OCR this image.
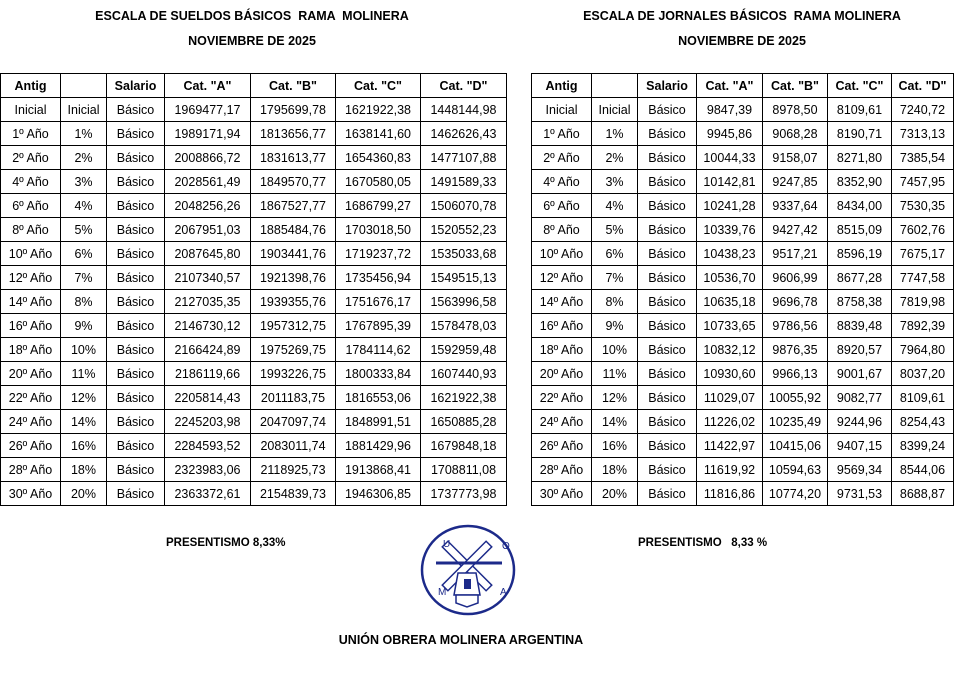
ESCALA DE SUELDOS BÁSICOS  RAMA  MOLINERA
NOVIEMBRE DE 2025
ESCALA DE JORNALES BÁSICOS  RAMA MOLINERA
NOVIEMBRE DE 2025
Antig		Salario	Cat. "A"	Cat. "B"	Cat. "C"	Cat. "D"
Inicial	Inicial	Básico	1969477,17	1795699,78	1621922,38	1448144,98
1º Año	1%	Básico	1989171,94	1813656,77	1638141,60	1462626,43
2º Año	2%	Básico	2008866,72	1831613,77	1654360,83	1477107,88
4º Año	3%	Básico	2028561,49	1849570,77	1670580,05	1491589,33
6º Año	4%	Básico	2048256,26	1867527,77	1686799,27	1506070,78
8º Año	5%	Básico	2067951,03	1885484,76	1703018,50	1520552,23
10º Año	6%	Básico	2087645,80	1903441,76	1719237,72	1535033,68
12º Año	7%	Básico	2107340,57	1921398,76	1735456,94	1549515,13
14º Año	8%	Básico	2127035,35	1939355,76	1751676,17	1563996,58
16º Año	9%	Básico	2146730,12	1957312,75	1767895,39	1578478,03
18º Año	10%	Básico	2166424,89	1975269,75	1784114,62	1592959,48
20º Año	11%	Básico	2186119,66	1993226,75	1800333,84	1607440,93
22º Año	12%	Básico	2205814,43	2011183,75	1816553,06	1621922,38
24º Año	14%	Básico	2245203,98	2047097,74	1848991,51	1650885,28
26º Año	16%	Básico	2284593,52	2083011,74	1881429,96	1679848,18
28º Año	18%	Básico	2323983,06	2118925,73	1913868,41	1708811,08
30º Año	20%	Básico	2363372,61	2154839,73	1946306,85	1737773,98
Antig		Salario	Cat. "A"	Cat. "B"	Cat. "C"	Cat. "D"
Inicial	Inicial	Básico	9847,39	8978,50	8109,61	7240,72
1º Año	1%	Básico	9945,86	9068,28	8190,71	7313,13
2º Año	2%	Básico	10044,33	9158,07	8271,80	7385,54
4º Año	3%	Básico	10142,81	9247,85	8352,90	7457,95
6º Año	4%	Básico	10241,28	9337,64	8434,00	7530,35
8º Año	5%	Básico	10339,76	9427,42	8515,09	7602,76
10º Año	6%	Básico	10438,23	9517,21	8596,19	7675,17
12º Año	7%	Básico	10536,70	9606,99	8677,28	7747,58
14º Año	8%	Básico	10635,18	9696,78	8758,38	7819,98
16º Año	9%	Básico	10733,65	9786,56	8839,48	7892,39
18º Año	10%	Básico	10832,12	9876,35	8920,57	7964,80
20º Año	11%	Básico	10930,60	9966,13	9001,67	8037,20
22º Año	12%	Básico	11029,07	10055,92	9082,77	8109,61
24º Año	14%	Básico	11226,02	10235,49	9244,96	8254,43
26º Año	16%	Básico	11422,97	10415,06	9407,15	8399,24
28º Año	18%	Básico	11619,92	10594,63	9569,34	8544,06
30º Año	20%	Básico	11816,86	10774,20	9731,53	8688,87
PRESENTISMO 8,33%	PRESENTISMO   8,33 %
U	O
M	A
UNIÓN OBRERA MOLINERA ARGENTINA
